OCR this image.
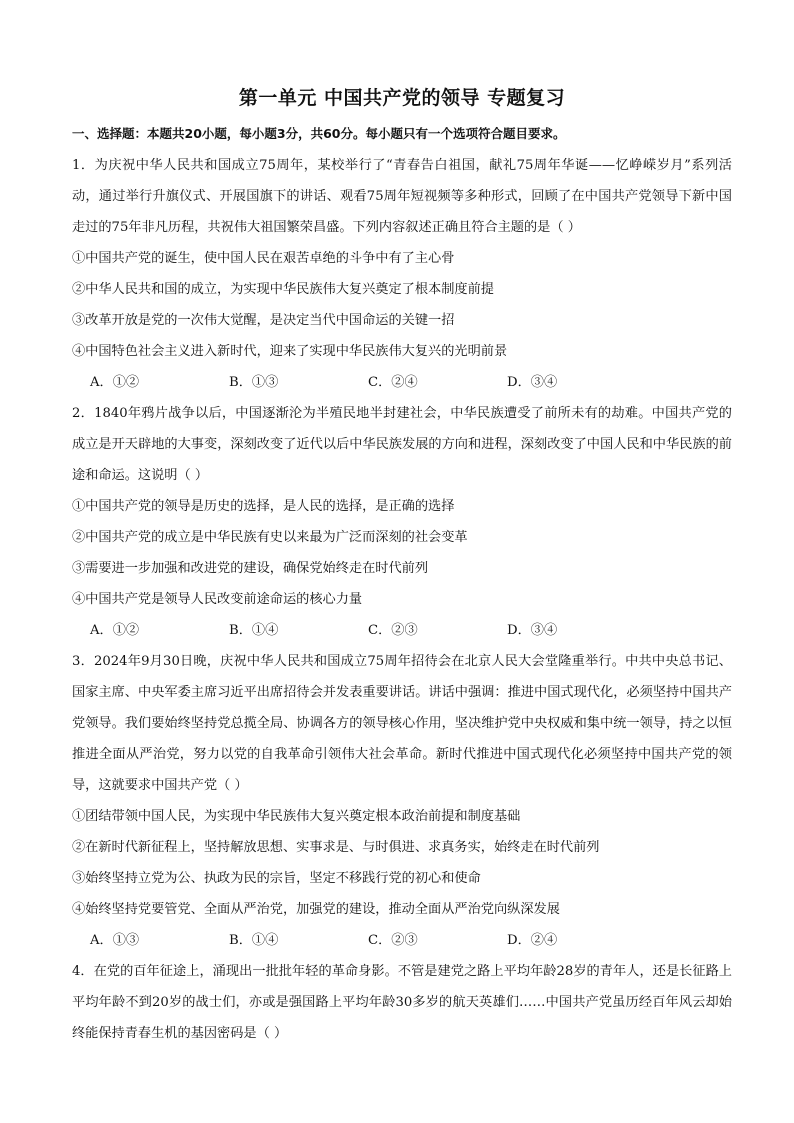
第一单元 中国共产党的领导 专题复习
一、选择题：本题共20小题，每小题3分，共60分。每小题只有一个选项符合题目要求。

1．为庆祝中华人民共和国成立75周年，某校举行了“青春告白祖国，献礼75周年华诞——忆峥嵘岁月”系列活动，通过举行升旗仪式、开展国旗下的讲话、观看75周年短视频等多种形式，回顾了在中国共产党领导下新中国走过的75年非凡历程，共祝伟大祖国繁荣昌盛。下列内容叙述正确且符合主题的是（ ）

①中国共产党的诞生，使中国人民在艰苦卓绝的斗争中有了主心骨

②中华人民共和国的成立，为实现中华民族伟大复兴奠定了根本制度前提

③改革开放是党的一次伟大觉醒，是决定当代中国命运的关键一招

④中国特色社会主义进入新时代，迎来了实现中华民族伟大复兴的光明前景

A．①②	B．①③	C．②④	D．③④

2．1840年鸦片战争以后，中国逐渐沦为半殖民地半封建社会，中华民族遭受了前所未有的劫难。中国共产党的成立是开天辟地的大事变，深刻改变了近代以后中华民族发展的方向和进程，深刻改变了中国人民和中华民族的前途和命运。这说明（ ）

①中国共产党的领导是历史的选择，是人民的选择，是正确的选择

②中国共产党的成立是中华民族有史以来最为广泛而深刻的社会变革

③需要进一步加强和改进党的建设，确保党始终走在时代前列

④中国共产党是领导人民改变前途命运的核心力量

A．①②	B．①④	C．②③	D．③④

3．2024年9月30日晚，庆祝中华人民共和国成立75周年招待会在北京人民大会堂隆重举行。中共中央总书记、国家主席、中央军委主席习近平出席招待会并发表重要讲话。讲话中强调：推进中国式现代化，必须坚持中国共产党领导。我们要始终坚持党总揽全局、协调各方的领导核心作用，坚决维护党中央权威和集中统一领导，持之以恒推进全面从严治党，努力以党的自我革命引领伟大社会革命。新时代推进中国式现代化必须坚持中国共产党的领导，这就要求中国共产党（ ）

①团结带领中国人民，为实现中华民族伟大复兴奠定根本政治前提和制度基础

②在新时代新征程上，坚持解放思想、实事求是、与时俱进、求真务实，始终走在时代前列

③始终坚持立党为公、执政为民的宗旨，坚定不移践行党的初心和使命

④始终坚持党要管党、全面从严治党，加强党的建设，推动全面从严治党向纵深发展

A．①③	B．①④	C．②③	D．②④

4．在党的百年征途上，涌现出一批批年轻的革命身影。不管是建党之路上平均年龄28岁的青年人，还是长征路上平均年龄不到20岁的战士们，亦或是强国路上平均年龄30多岁的航天英雄们……中国共产党虽历经百年风云却始终能保持青春生机的基因密码是（ ）
